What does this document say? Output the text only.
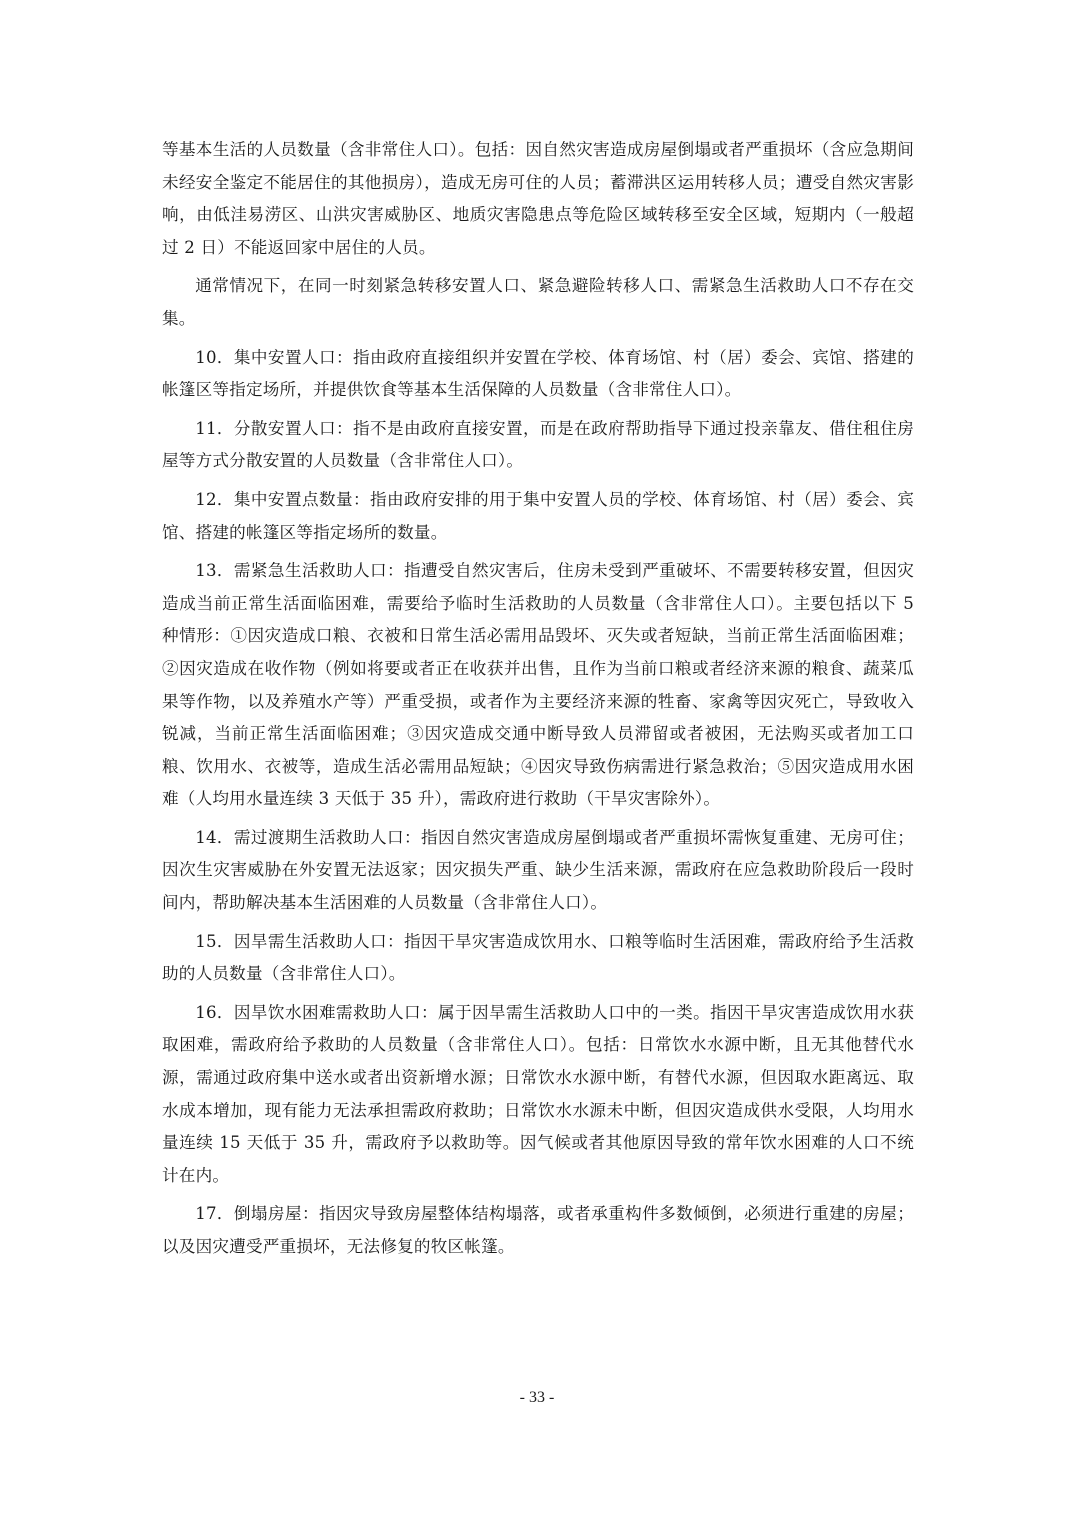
等基本生活的人员数量（含非常住人口）。包括：因自然灾害造成房屋倒塌或者严重损坏（含应急期间未经安全鉴定不能居住的其他损房），造成无房可住的人员；蓄滞洪区运用转移人员；遭受自然灾害影响，由低洼易涝区、山洪灾害威胁区、地质灾害隐患点等危险区域转移至安全区域，短期内（一般超过 2 日）不能返回家中居住的人员。

通常情况下，在同一时刻紧急转移安置人口、紧急避险转移人口、需紧急生活救助人口不存在交集。

10．集中安置人口：指由政府直接组织并安置在学校、体育场馆、村（居）委会、宾馆、搭建的帐篷区等指定场所，并提供饮食等基本生活保障的人员数量（含非常住人口）。

11．分散安置人口：指不是由政府直接安置，而是在政府帮助指导下通过投亲靠友、借住租住房屋等方式分散安置的人员数量（含非常住人口）。

12．集中安置点数量：指由政府安排的用于集中安置人员的学校、体育场馆、村（居）委会、宾馆、搭建的帐篷区等指定场所的数量。

13．需紧急生活救助人口：指遭受自然灾害后，住房未受到严重破坏、不需要转移安置，但因灾造成当前正常生活面临困难，需要给予临时生活救助的人员数量（含非常住人口）。主要包括以下 5 种情形：①因灾造成口粮、衣被和日常生活必需用品毁坏、灭失或者短缺，当前正常生活面临困难；②因灾造成在收作物（例如将要或者正在收获并出售，且作为当前口粮或者经济来源的粮食、蔬菜瓜果等作物，以及养殖水产等）严重受损，或者作为主要经济来源的牲畜、家禽等因灾死亡，导致收入锐减，当前正常生活面临困难；③因灾造成交通中断导致人员滞留或者被困，无法购买或者加工口粮、饮用水、衣被等，造成生活必需用品短缺；④因灾导致伤病需进行紧急救治；⑤因灾造成用水困难（人均用水量连续 3 天低于 35 升），需政府进行救助（干旱灾害除外）。

14．需过渡期生活救助人口：指因自然灾害造成房屋倒塌或者严重损坏需恢复重建、无房可住；因次生灾害威胁在外安置无法返家；因灾损失严重、缺少生活来源，需政府在应急救助阶段后一段时间内，帮助解决基本生活困难的人员数量（含非常住人口）。

15．因旱需生活救助人口：指因干旱灾害造成饮用水、口粮等临时生活困难，需政府给予生活救助的人员数量（含非常住人口）。

16．因旱饮水困难需救助人口：属于因旱需生活救助人口中的一类。指因干旱灾害造成饮用水获取困难，需政府给予救助的人员数量（含非常住人口）。包括：日常饮水水源中断，且无其他替代水源，需通过政府集中送水或者出资新增水源；日常饮水水源中断，有替代水源，但因取水距离远、取水成本增加，现有能力无法承担需政府救助；日常饮水水源未中断，但因灾造成供水受限，人均用水量连续 15 天低于 35 升，需政府予以救助等。因气候或者其他原因导致的常年饮水困难的人口不统计在内。

17．倒塌房屋：指因灾导致房屋整体结构塌落，或者承重构件多数倾倒，必须进行重建的房屋；以及因灾遭受严重损坏，无法修复的牧区帐篷。

- 33 -
